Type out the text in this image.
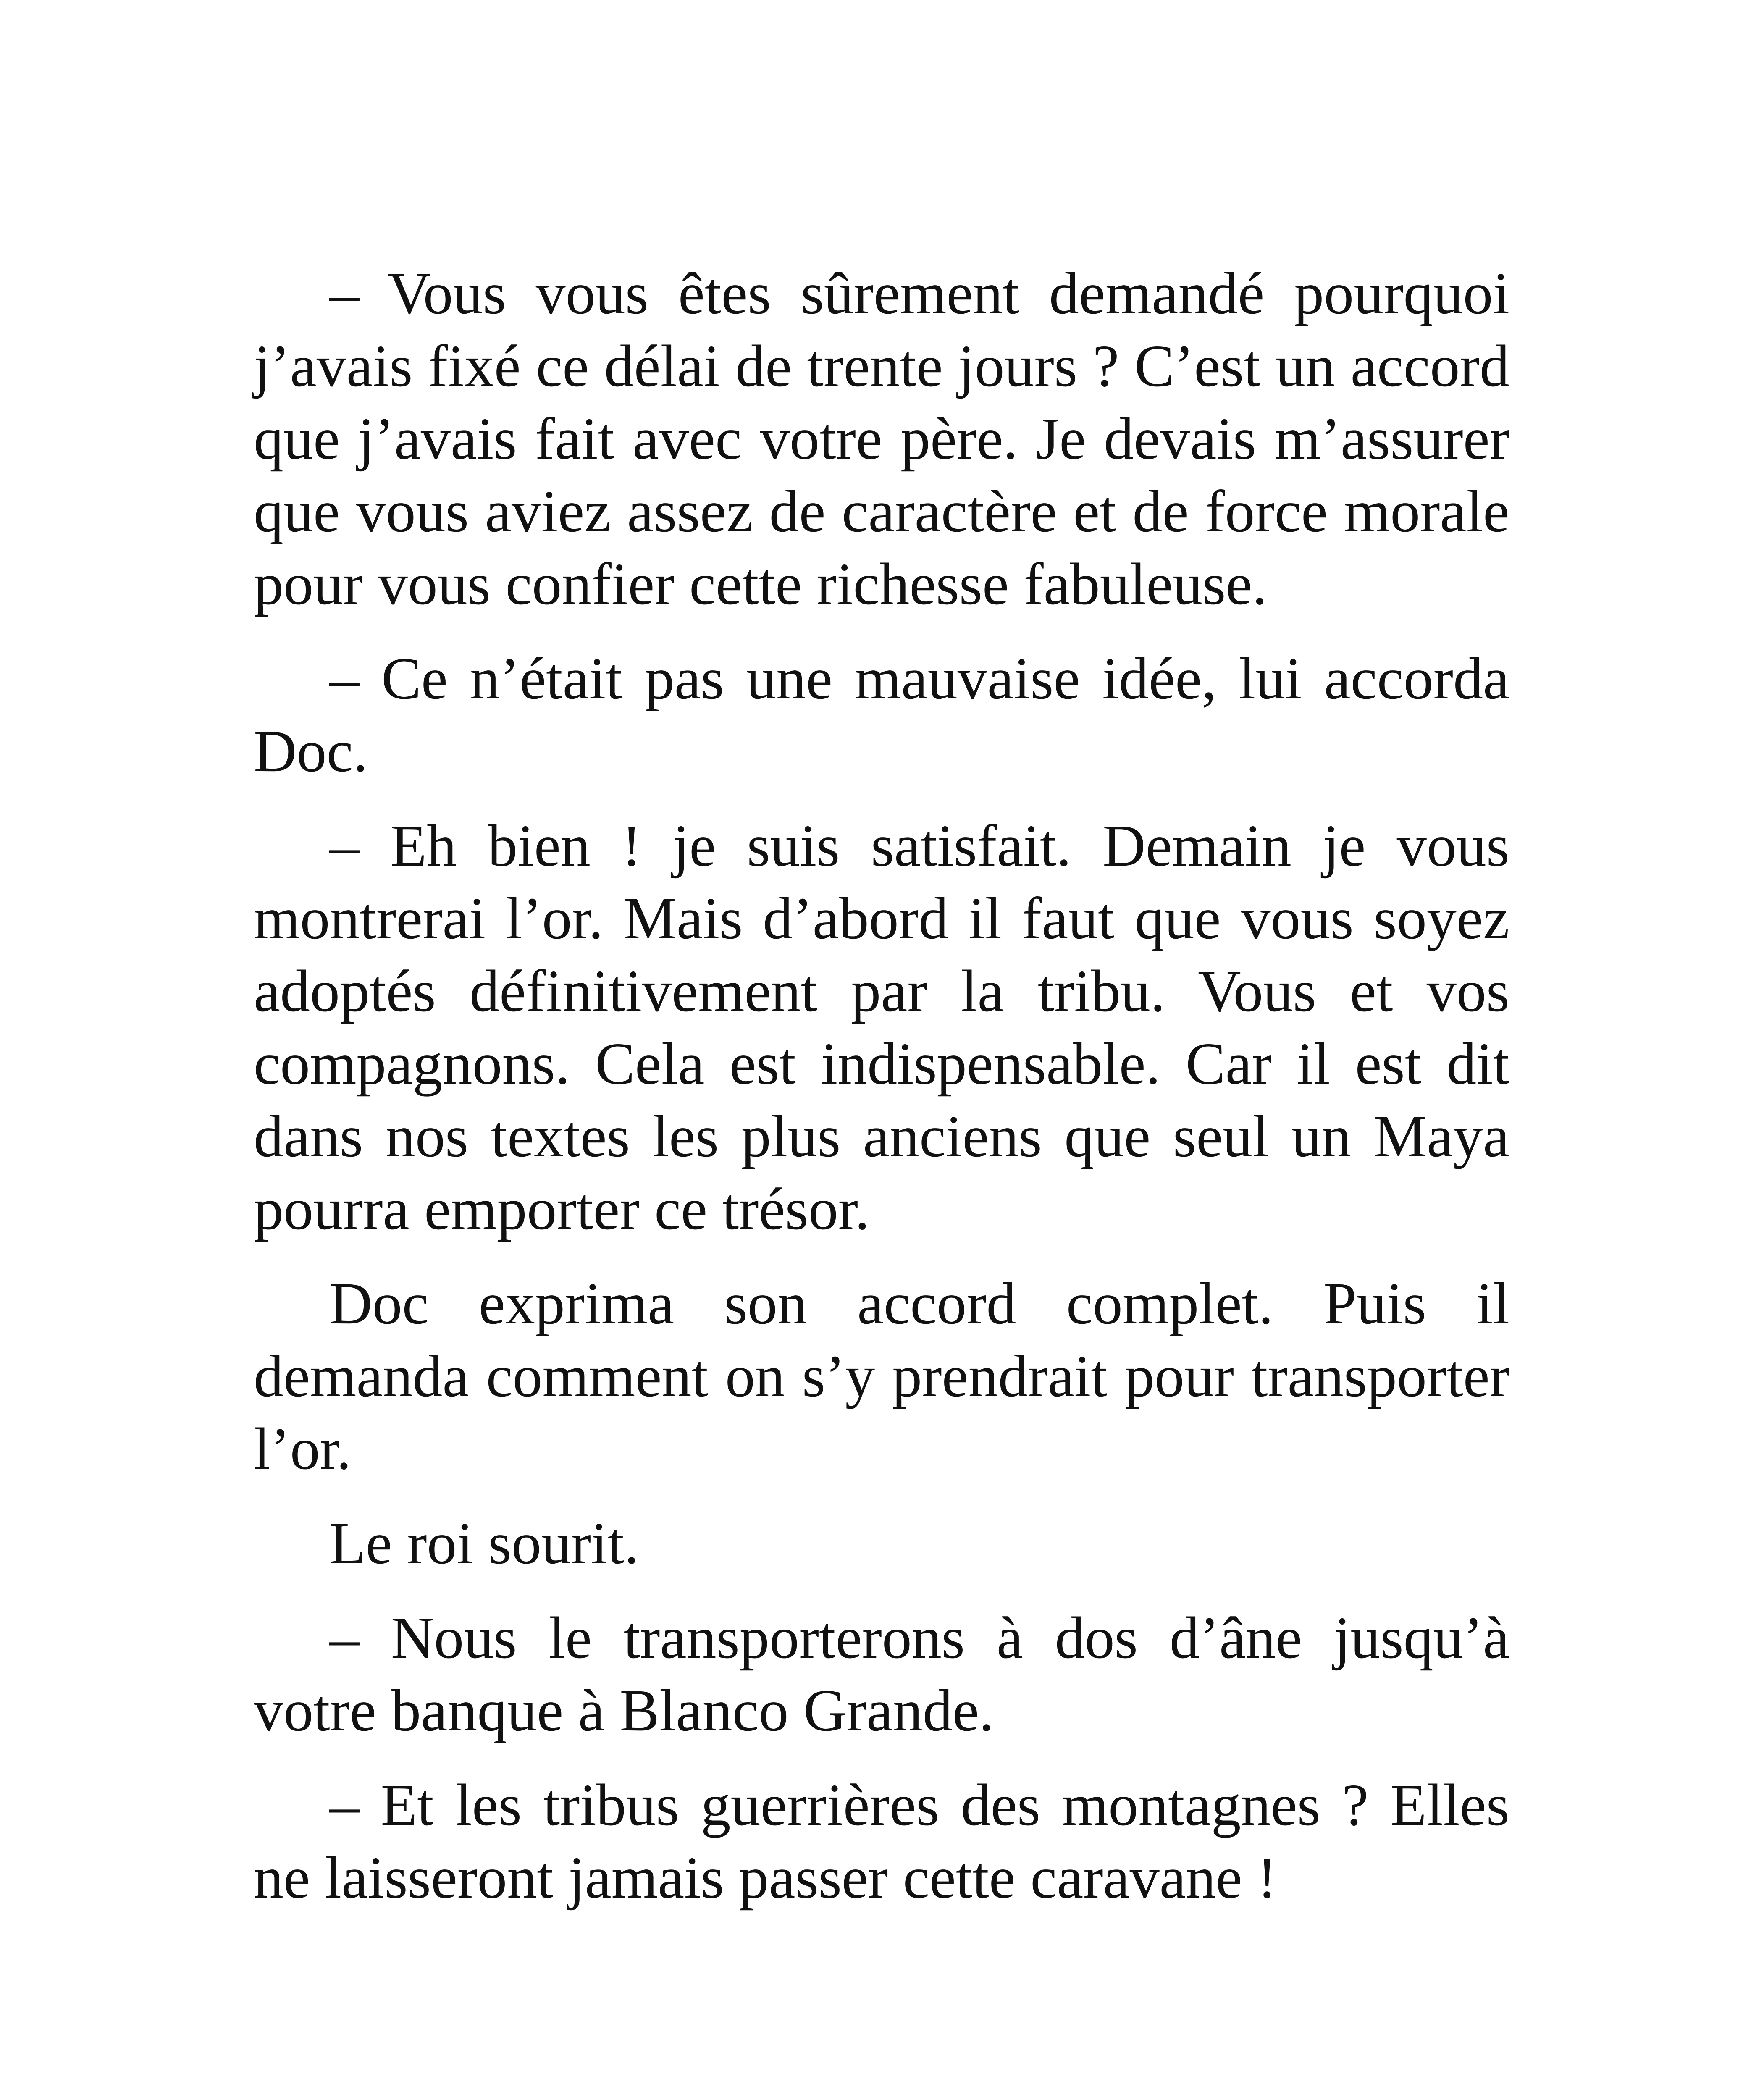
– Vous vous êtes sûrement demandé pourquoi j’avais fixé ce délai de trente jours ? C’est un accord que j’avais fait avec votre père. Je devais m’assurer que vous aviez assez de caractère et de force morale pour vous confier cette richesse fabuleuse.

– Ce n’était pas une mauvaise idée, lui accorda Doc.

– Eh bien ! je suis satisfait. Demain je vous montrerai l’or. Mais d’abord il faut que vous soyez adoptés définitivement par la tribu. Vous et vos compagnons. Cela est indispensable. Car il est dit dans nos textes les plus anciens que seul un Maya pourra emporter ce trésor.

Doc exprima son accord complet. Puis il demanda comment on s’y prendrait pour transporter l’or.

Le roi sourit.

– Nous le transporterons à dos d’âne jusqu’à votre banque à Blanco Grande.

– Et les tribus guerrières des montagnes ? Elles ne laisseront jamais passer cette caravane !
